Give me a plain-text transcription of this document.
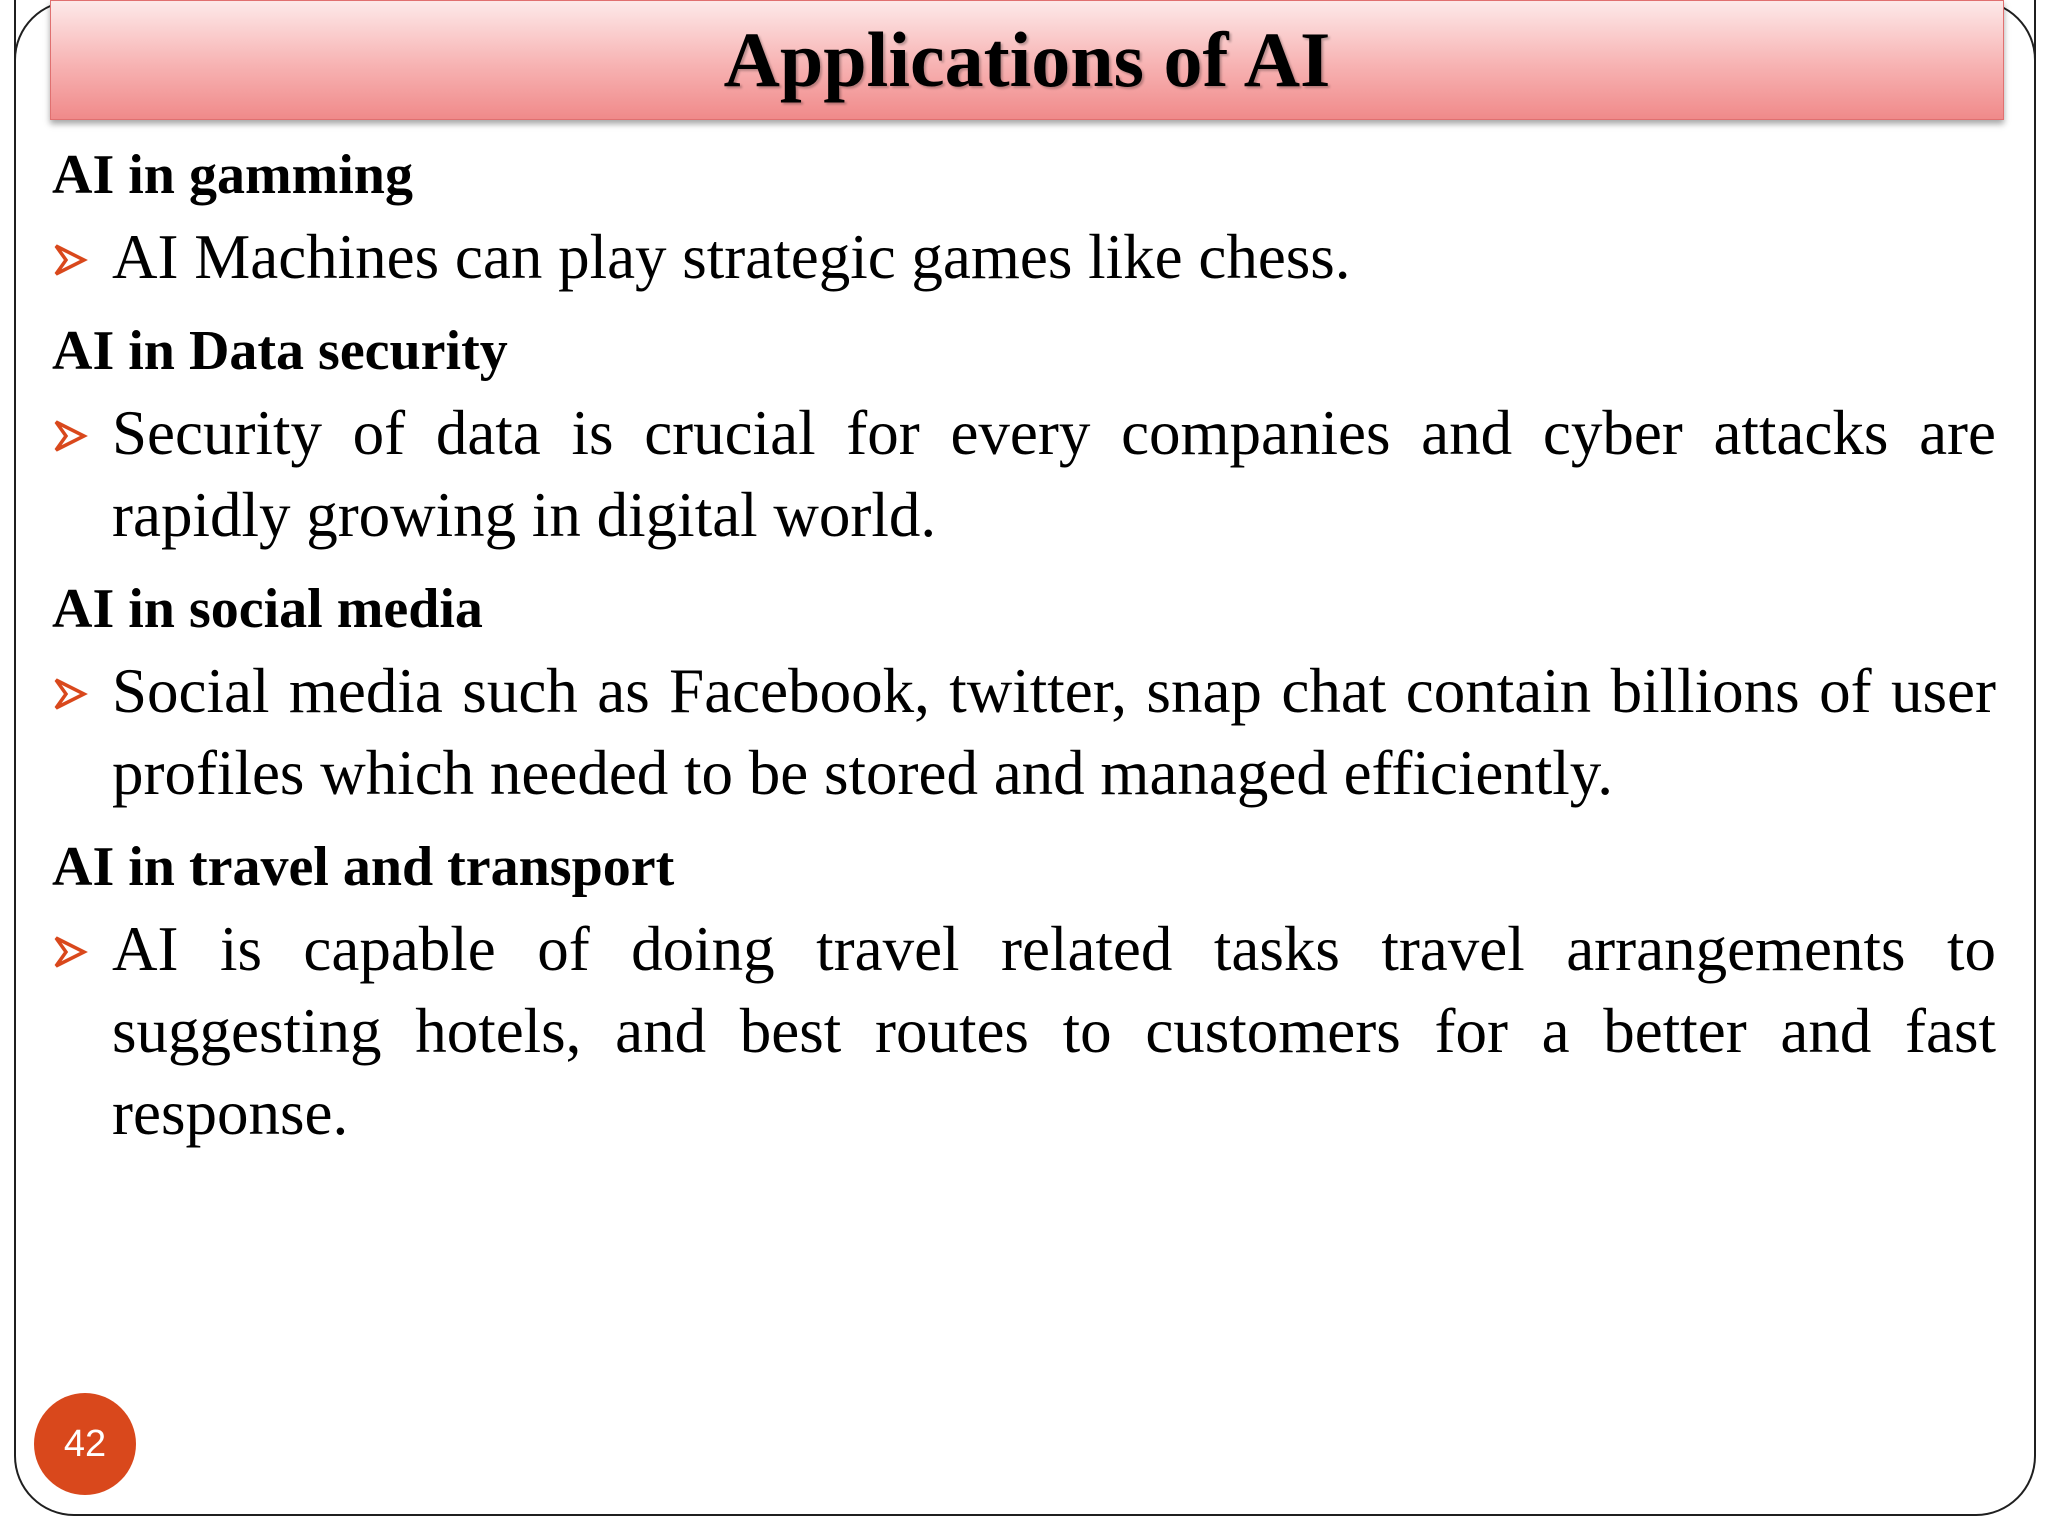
Applications of AI

AI in gamming

AI Machines can play strategic games like chess.

AI in Data security

Security of data is crucial for every companies and cyber attacks are rapidly growing in digital world.

AI in social media

Social media such as Facebook, twitter, snap chat contain billions of user profiles which needed to be stored and managed efficiently.

AI in travel and transport

AI is capable of doing travel related tasks travel arrangements to suggesting hotels, and best routes to customers for a better and fast response.
42
